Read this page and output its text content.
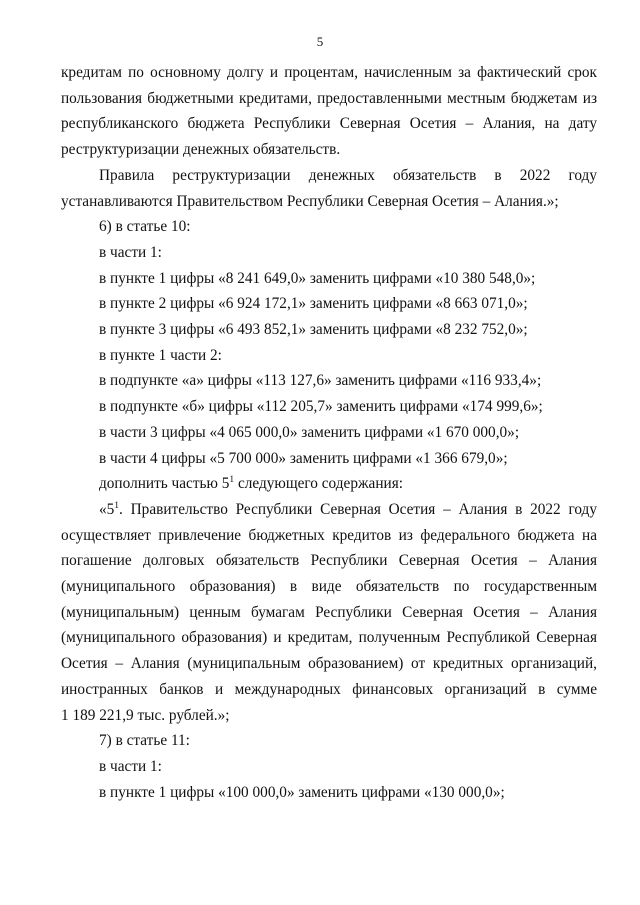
5

кредитам по основному долгу и процентам, начисленным за фактический срок
пользования бюджетными кредитами, предоставленными местным бюджетам из
республиканского бюджета Республики Северная Осетия – Алания, на дату
реструктуризации денежных обязательств.

Правила реструктуризации денежных обязательств в 2022 году
устанавливаются Правительством Республики Северная Осетия – Алания.»;

6) в статье 10:

в части 1:

в пункте 1 цифры «8 241 649,0» заменить цифрами «10 380 548,0»;

в пункте 2 цифры «6 924 172,1» заменить цифрами «8 663 071,0»;

в пункте 3 цифры «6 493 852,1» заменить цифрами «8 232 752,0»;

в пункте 1 части 2:

в подпункте «а» цифры «113 127,6» заменить цифрами «116 933,4»;

в подпункте «б» цифры «112 205,7» заменить цифрами «174 999,6»;

в части 3 цифры «4 065 000,0» заменить цифрами «1 670 000,0»;

в части 4 цифры «5 700 000» заменить цифрами «1 366 679,0»;

дополнить частью $5^1$ следующего содержания:

«$5^1$. Правительство Республики Северная Осетия – Алания в 2022 году
осуществляет привлечение бюджетных кредитов из федерального бюджета на
погашение долговых обязательств Республики Северная Осетия – Алания
(муниципального образования) в виде обязательств по государственным
(муниципальным) ценным бумагам Республики Северная Осетия – Алания
(муниципального образования) и кредитам, полученным Республикой Северная
Осетия – Алания (муниципальным образованием) от кредитных организаций,
иностранных банков и международных финансовых организаций в сумме
1 189 221,9 тыс. рублей.»;

7) в статье 11:

в части 1:

в пункте 1 цифры «100 000,0» заменить цифрами «130 000,0»;
